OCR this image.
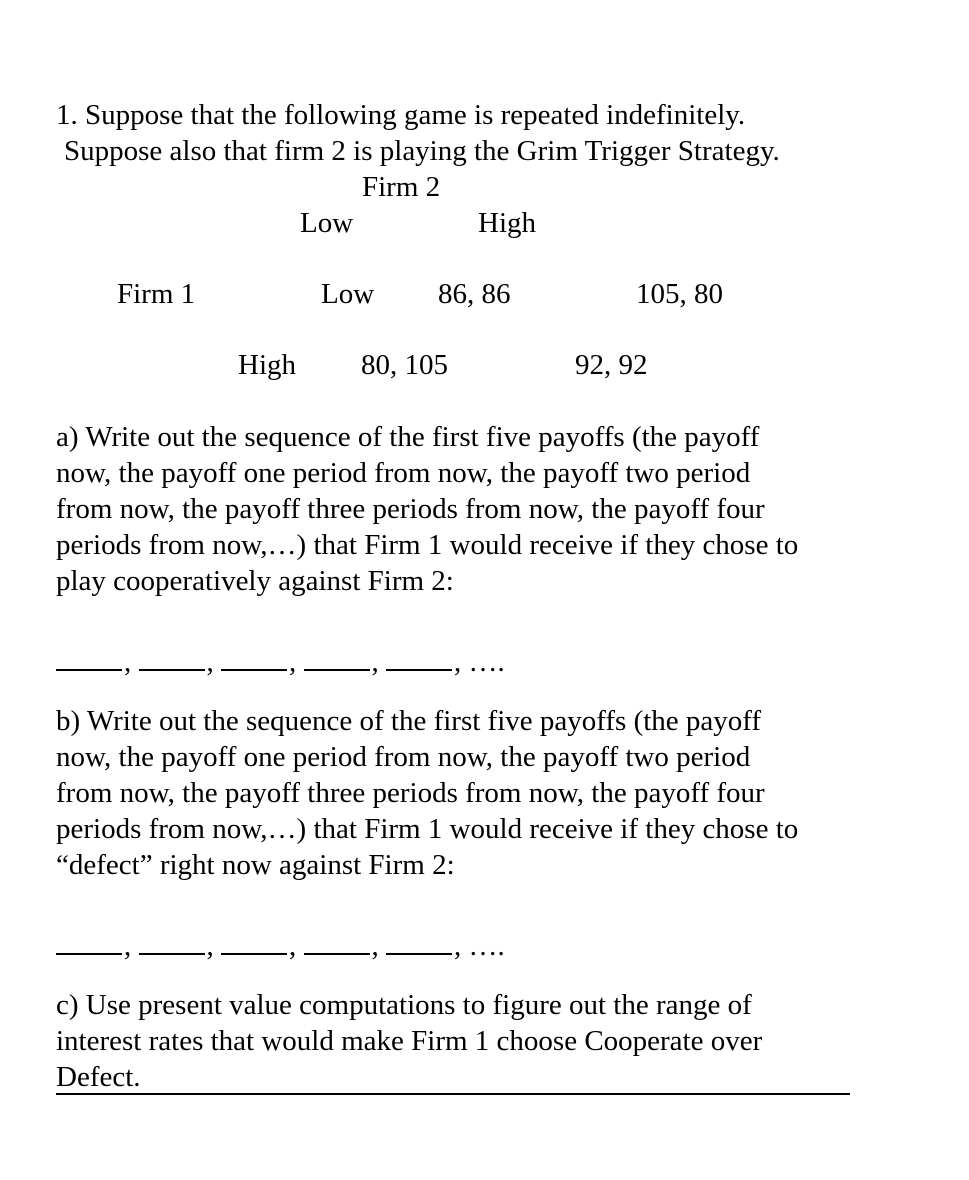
1. Suppose that the following game is repeated indefinitely.
Suppose also that firm 2 is playing the Grim Trigger Strategy.
Firm 2
Low	High
Firm 1	Low 86, 86	105, 80
High 80, 105	92, 92
a) Write out the sequence of the first five payoffs (the payoff
now, the payoff one period from now, the payoff two period
from now, the payoff three periods from now, the payoff four
periods from now,…) that Firm 1 would receive if they chose to
play cooperatively against Firm 2:
,	,	,	,	, ….
b) Write out the sequence of the first five payoffs (the payoff
now, the payoff one period from now, the payoff two period
from now, the payoff three periods from now, the payoff four
periods from now,…) that Firm 1 would receive if they chose to
“defect” right now against Firm 2:
,	,	,	,	, ….
c) Use present value computations to figure out the range of
interest rates that would make Firm 1 choose Cooperate over
Defect.
